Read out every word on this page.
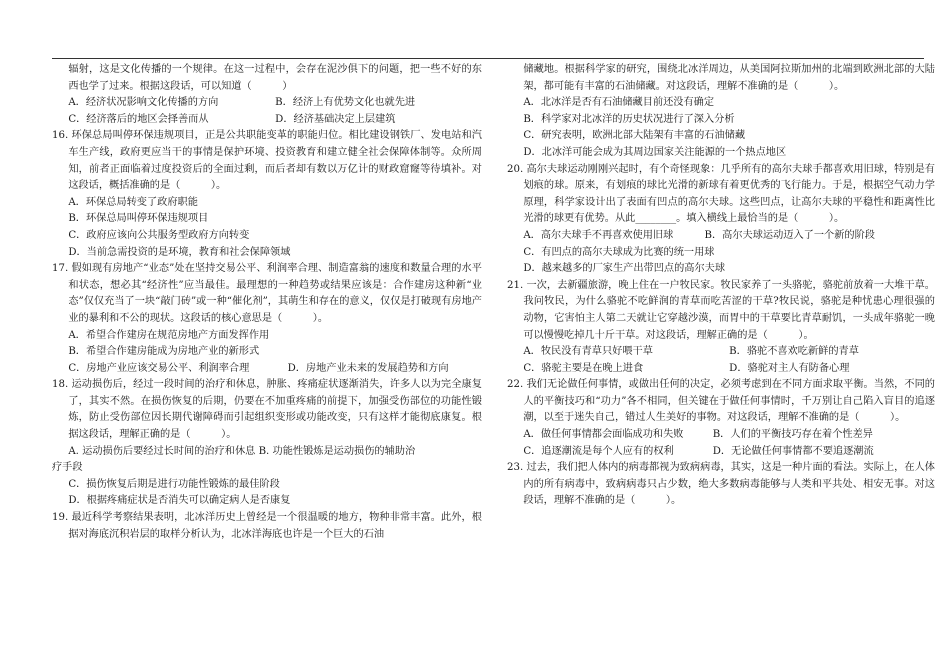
辐射，这是文化传播的一个规律。在这一过程中，会存在泥沙俱下的问题，把一些不好的东西也学了过来。根据这段话，可以知道（　　　）

A．经济状况影响文化传播的方向	B．经济上有优势文化也就先进
C．经济落后的地区会择善而从	D．经济基础决定上层建筑

16. 环保总局叫停环保违规项目，正是公共职能变革的职能归位。相比建设钢铁厂、发电站和汽车生产线，政府更应当干的事情是保护环境、投资教育和建立健全社会保障体制等。众所周知，前者正面临着过度投资后的全面过剩，而后者却有数以万亿计的财政窟窿等待填补。对这段话，概括准确的是（　　　）。

A．环保总局转变了政府职能

B．环保总局叫停环保违规项目

C．政府应该向公共服务型政府方向转变

D．当前急需投资的是环境，教育和社会保障领域

17. 假如现有房地产“业态”处在坚持交易公平、利润率合理、制造富翁的速度和数量合理的水平和状态，想必其“经济性”应当最佳。最理想的一种趋势或结果应该是：合作建房这种新“业态”仅仅充当了一块“敲门砖”或一种“催化剂”，其萌生和存在的意义，仅仅是打破现有房地产业的暴利和不公的现状。这段话的核心意思是（　　　）。

A．希望合作建房在规范房地产方面发挥作用

B．希望合作建房能成为房地产业的新形式

C．房地产业应该交易公平、利润率合理	D．房地产业未来的发展趋势和方向

18. 运动损伤后，经过一段时间的治疗和休息，肿胀、疼痛症状逐渐消失，许多人以为完全康复了，其实不然。在损伤恢复的后期，仍要在不加重疼痛的前提下，加强受伤部位的功能性锻炼，防止受伤部位因长期代谢障碍而引起组织变形或功能改变，只有这样才能彻底康复。根据这段话，理解正确的是（　　　）。

A. 运动损伤后要经过长时间的治疗和休息 B. 功能性锻炼是运动损伤的辅助治

疗手段

C．损伤恢复后期是进行功能性锻炼的最佳阶段

D．根据疼痛症状是否消失可以确定病人是否康复

19. 最近科学考察结果表明，北冰洋历史上曾经是一个很温暖的地方，物种非常丰富。此外，根据对海底沉积岩层的取样分析认为，北冰洋海底也许是一个巨大的石油

储藏地。根据科学家的研究，围绕北冰洋周边，从美国阿拉斯加州的北端到欧洲北部的大陆架，都可能有丰富的石油储藏。对这段话，理解不准确的是（　　　）。

A．北冰洋是否有石油储藏目前还没有确定

B．科学家对北冰洋的历史状况进行了深入分析

C．研究表明，欧洲北部大陆架有丰富的石油储藏

D．北冰洋可能会成为其周边国家关注能源的一个热点地区

20. 高尔夫球运动刚刚兴起时，有个奇怪现象：几乎所有的高尔夫球手都喜欢用旧球，特别是有划痕的球。原来，有划痕的球比光滑的新球有着更优秀的飞行能力。于是，根据空气动力学原理，科学家设计出了表面有凹点的高尔夫球。这些凹点，让高尔夫球的平稳性和距离性比光滑的球更有优势。从此________。填入横线上最恰当的是（　　　）。

A．高尔夫球手不再喜欢使用旧球	B．高尔夫球运动迈入了一个新的阶段

C．有凹点的高尔夫球成为比赛的统一用球

D．越来越多的厂家生产出带凹点的高尔夫球

21. 一次，去新疆旅游，晚上住在一户牧民家。牧民家养了一头骆驼，骆驼前放着一大堆干草。我问牧民，为什么骆驼不吃鲜润的青草而吃苦涩的干草?牧民说，骆驼是种忧患心理很强的动物，它害怕主人第二天就让它穿越沙漠，而胃中的干草要比青草耐饥，一头成年骆驼一晚可以慢慢吃掉几十斤干草。对这段话，理解正确的是（　　　）。

A．牧民没有青草只好喂干草	B．骆驼不喜欢吃新鲜的青草
C．骆驼主要是在晚上进食	D．骆驼对主人有防备心理

22. 我们无论做任何事情，或做出任何的决定，必须考虑到在不同方面求取平衡。当然，不同的人的平衡技巧和“功力”各不相同，但关键在于做任何事情时，千万别让自己陷入盲目的追逐潮，以至于迷失自己，错过人生美好的事物。对这段话，理解不准确的是（　　　）。

A．做任何事情都会面临成功和失败	B．人们的平衡技巧存在着个性差异
C．追逐潮流是每个人应有的权利	D．无论做任何事情都不要追逐潮流

23. 过去，我们把人体内的病毒都视为致病病毒，其实，这是一种片面的看法。实际上，在人体内的所有病毒中，致病病毒只占少数，绝大多数病毒能够与人类和平共处、相安无事。对这段话，理解不准确的是（　　　）。
